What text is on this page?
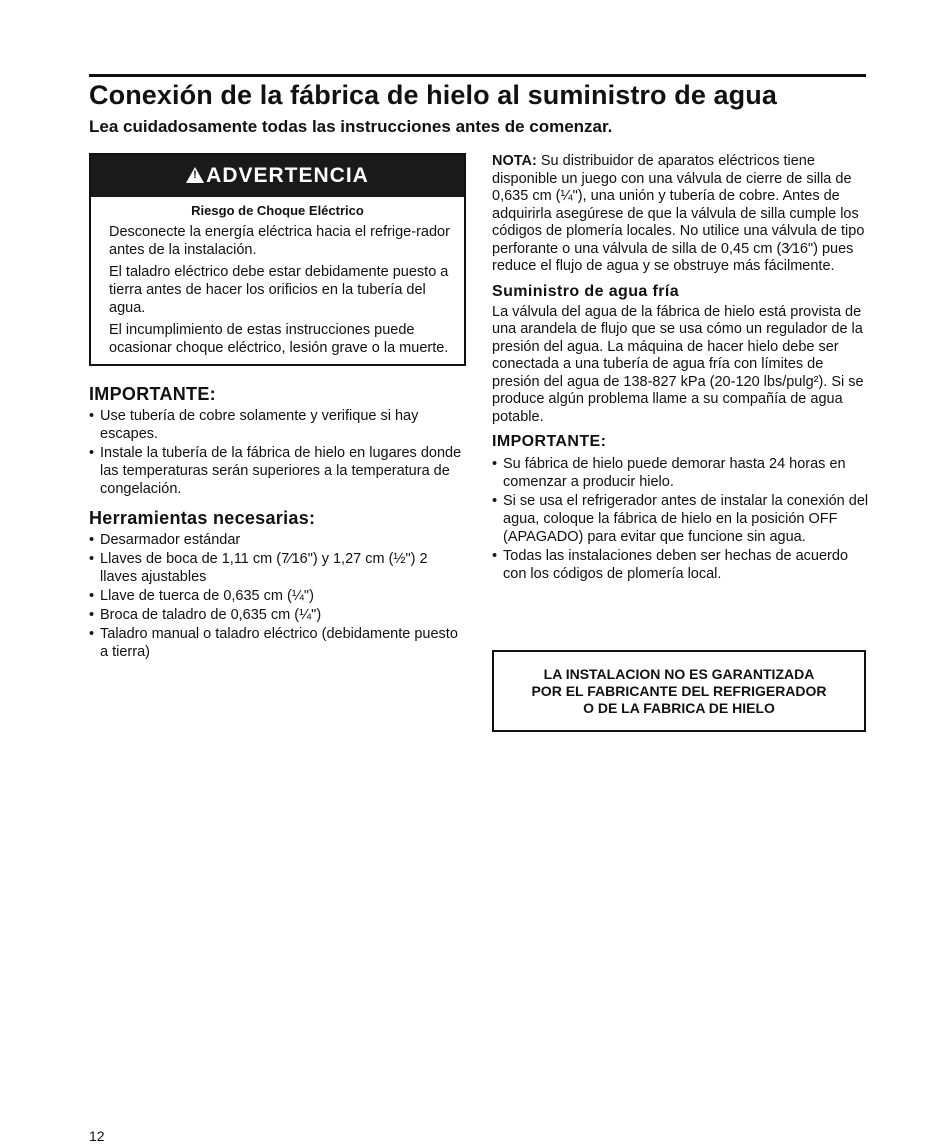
Conexión de la fábrica de hielo al suministro de agua
Lea cuidadosamente todas las instrucciones antes de comenzar.
!
ADVERTENCIA
Riesgo de Choque Eléctrico

Desconecte la energía eléctrica hacia el refrige-rador antes de la instalación.

El taladro eléctrico debe estar debidamente puesto a tierra antes de hacer los orificios en la tubería del agua.

El incumplimiento de estas instrucciones puede ocasionar choque eléctrico, lesión grave o la muerte.

IMPORTANTE:
• Use tubería de cobre solamente y verifique si hay escapes.
• Instale la tubería de la fábrica de hielo en lugares donde las temperaturas serán superiores a la temperatura de congelación.
Herramientas necesarias:
• Desarmador estándar
• Llaves de boca de 1,11 cm (7⁄16") y 1,27 cm (½") 2 llaves ajustables
• Llave de tuerca de 0,635 cm (¼")
• Broca de taladro de 0,635 cm (¼")
• Taladro manual o taladro eléctrico (debidamente puesto a tierra)

NOTA: Su distribuidor de aparatos eléctricos tiene disponible un juego con una válvula de cierre de silla de 0,635 cm (¼"), una unión y tubería de cobre. Antes de adquirirla asegúrese de que la válvula de silla cumple los códigos de plomería locales. No utilice una válvula de tipo perforante o una válvula de silla de 0,45 cm (3⁄16") pues reduce el flujo de agua y se obstruye más fácilmente.

Suministro de agua fría

La válvula del agua de la fábrica de hielo está provista de una arandela de flujo que se usa cómo un regulador de la presión del agua. La máquina de hacer hielo debe ser conectada a una tubería de agua fría con límites de presión del agua de 138-827 kPa (20-120 lbs/pulg²). Si se produce algún problema llame a su compañía de agua potable.

IMPORTANTE:
• Su fábrica de hielo puede demorar hasta 24 horas en comenzar a producir hielo.
• Si se usa el refrigerador antes de instalar la conexión del agua, coloque la fábrica de hielo en la posición OFF (APAGADO) para evitar que funcione sin agua.
• Todas las instalaciones deben ser hechas de acuerdo con los códigos de plomería local.
LA INSTALACION NO ES GARANTIZADA
POR EL FABRICANTE DEL REFRIGERADOR
O DE LA FABRICA DE HIELO
12
